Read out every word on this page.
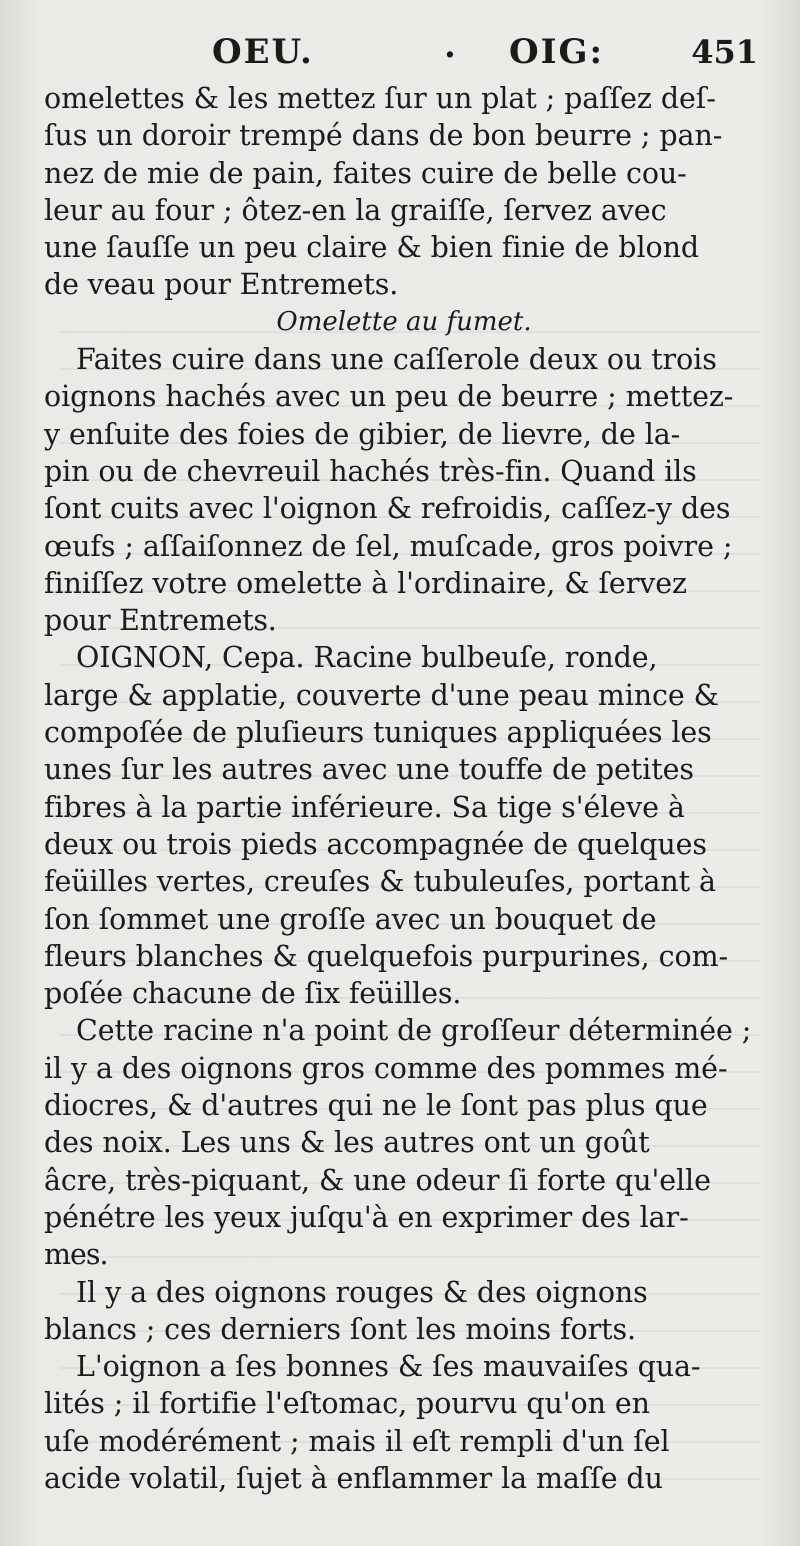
OEU.	. OIG:	451
omelettes & les mettez ſur un plat ; paſſez deſ-
ſus un doroir trempé dans de bon beurre ; pan-
nez de mie de pain, faites cuire de belle cou-
leur au four ; ôtez-en la graiſſe, ſervez avec
une ſauſſe un peu claire & bien finie de blond
de veau pour Entremets.
Omelette au fumet.
Faites cuire dans une caſſerole deux ou trois
oignons hachés avec un peu de beurre ; mettez-
y enſuite des foies de gibier, de lievre, de la-
pin ou de chevreuil hachés très-fin. Quand ils
ſont cuits avec l'oignon & refroidis, caſſez-y des
œufs ; aſſaiſonnez de ſel, muſcade, gros poivre ;
finiſſez votre omelette à l'ordinaire, & ſervez
pour Entremets.
OIGNON, Cepa. Racine bulbeuſe, ronde,
large & applatie, couverte d'une peau mince &
compoſée de pluſieurs tuniques appliquées les
unes ſur les autres avec une touffe de petites
fibres à la partie inférieure. Sa tige s'éleve à
deux ou trois pieds accompagnée de quelques
feüilles vertes, creuſes & tubuleuſes, portant à
ſon ſommet une groſſe avec un bouquet de
fleurs blanches & quelquefois purpurines, com-
poſée chacune de ſix feüilles.
Cette racine n'a point de groſſeur déterminée ;
il y a des oignons gros comme des pommes mé-
diocres, & d'autres qui ne le ſont pas plus que
des noix. Les uns & les autres ont un goût
âcre, très-piquant, & une odeur ſi forte qu'elle
pénétre les yeux juſqu'à en exprimer des lar-
mes.
Il y a des oignons rouges & des oignons
blancs ; ces derniers ſont les moins forts.
L'oignon a ſes bonnes & ſes mauvaiſes qua-
lités ; il fortifie l'eſtomac, pourvu qu'on en
uſe modérément ; mais il eſt rempli d'un ſel
acide volatil, ſujet à enflammer la maſſe du
